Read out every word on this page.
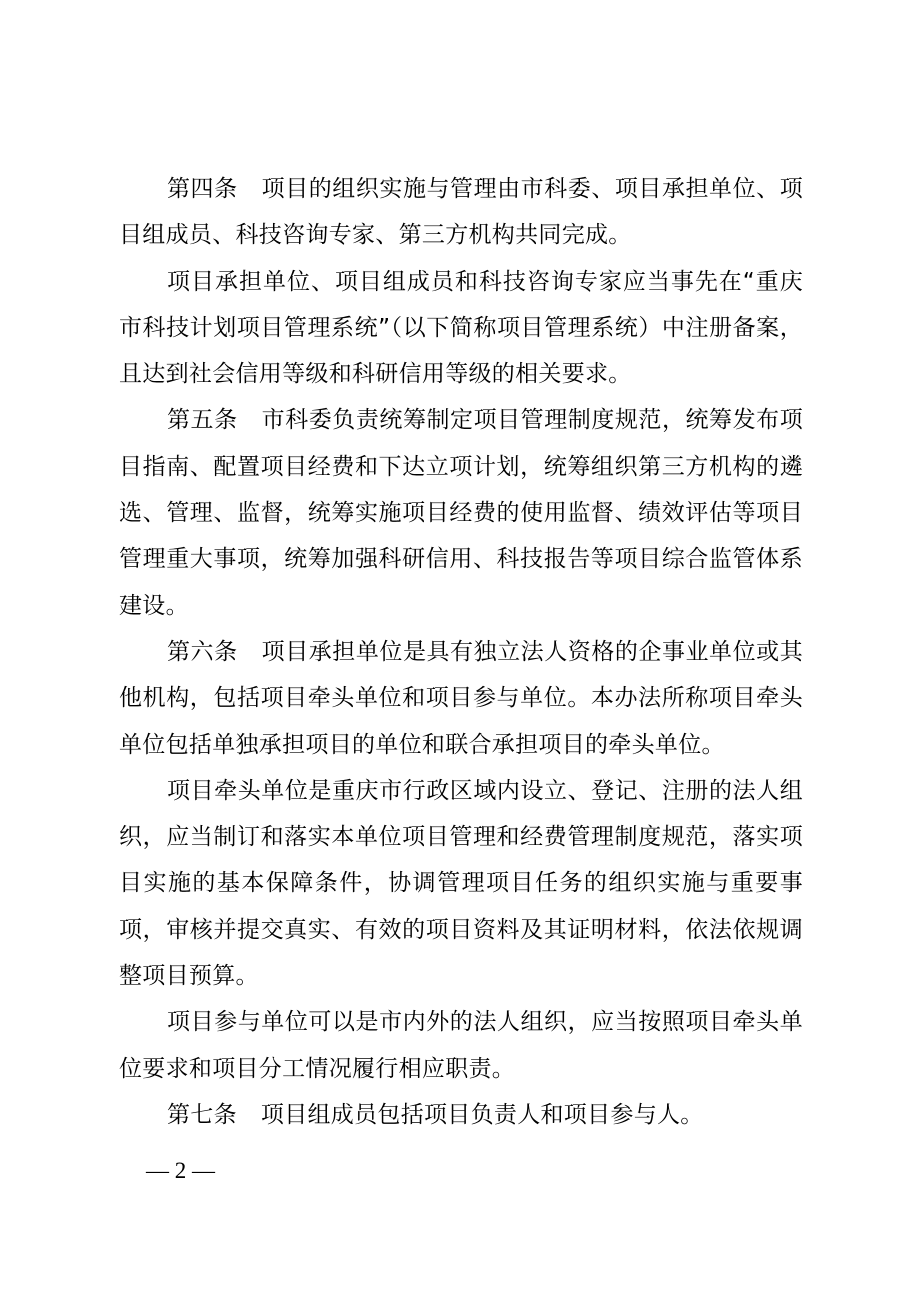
第四条 项目的组织实施与管理由市科委、项目承担单位、项目组成员、科技咨询专家、第三方机构共同完成。

项目承担单位、项目组成员和科技咨询专家应当事先在“重庆市科技计划项目管理系统”（以下简称项目管理系统）中注册备案，且达到社会信用等级和科研信用等级的相关要求。

第五条 市科委负责统筹制定项目管理制度规范，统筹发布项目指南、配置项目经费和下达立项计划，统筹组织第三方机构的遴选、管理、监督，统筹实施项目经费的使用监督、绩效评估等项目管理重大事项，统筹加强科研信用、科技报告等项目综合监管体系建设。

第六条 项目承担单位是具有独立法人资格的企事业单位或其他机构，包括项目牵头单位和项目参与单位。本办法所称项目牵头单位包括单独承担项目的单位和联合承担项目的牵头单位。

项目牵头单位是重庆市行政区域内设立、登记、注册的法人组织，应当制订和落实本单位项目管理和经费管理制度规范，落实项目实施的基本保障条件，协调管理项目任务的组织实施与重要事项，审核并提交真实、有效的项目资料及其证明材料，依法依规调整项目预算。

项目参与单位可以是市内外的法人组织，应当按照项目牵头单位要求和项目分工情况履行相应职责。

第七条 项目组成员包括项目负责人和项目参与人。

— 2 —
